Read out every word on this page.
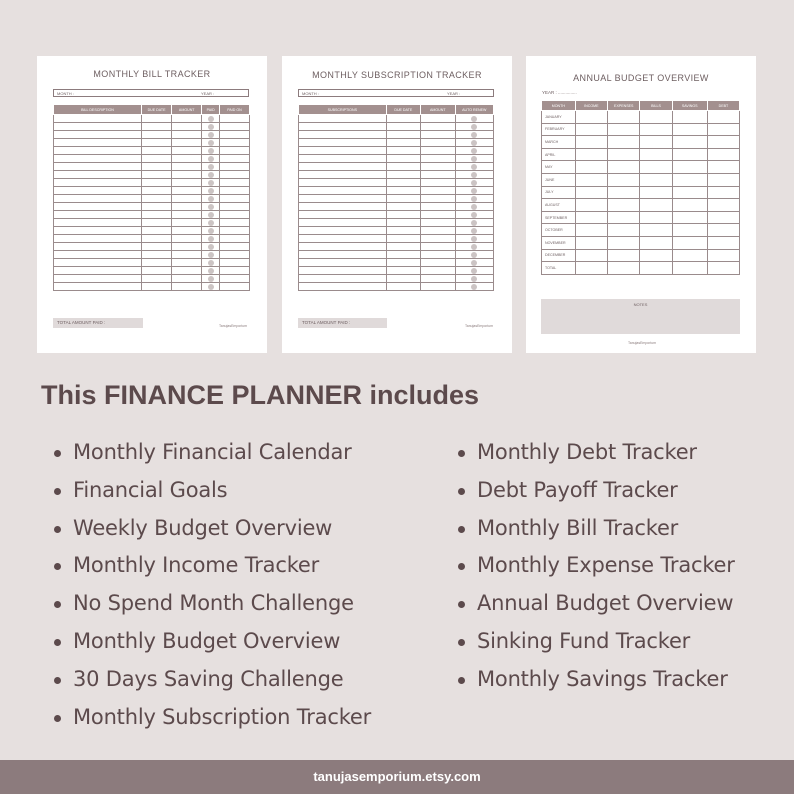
MONTHLY BILL TRACKER
MONTH :	YEAR :
BILL DESCRIPTION	DUE DATE	AMOUNT	PAID	PAID ON

TOTAL AMOUNT PAID :
TanujasEmporium
MONTHLY SUBSCRIPTION TRACKER
MONTH :	YEAR :
SUBSCRIPTIONS	DUE DATE	AMOUNT	AUTO RENEW

TOTAL AMOUNT PAID :
TanujasEmporium
ANNUAL BUDGET OVERVIEW
YEAR : ...............
MONTH	INCOME	EXPENSES	BILLS	SAVINGS	DEBT
JANUARY					
FEBRUARY					
MARCH					
APRIL					
MAY					
JUNE					
JULY					
AUGUST					
SEPTEMBER					
OCTOBER					
NOVEMBER					
DECEMBER					
TOTAL					
NOTES
TanujasEmporium
This FINANCE PLANNER includes
Monthly Financial Calendar
Financial Goals
Weekly Budget Overview
Monthly Income Tracker
No Spend Month Challenge
Monthly Budget Overview
30 Days Saving Challenge
Monthly Subscription Tracker
Monthly Debt Tracker
Debt Payoff Tracker
Monthly Bill Tracker
Monthly Expense Tracker
Annual Budget Overview
Sinking Fund Tracker
Monthly Savings Tracker
tanujasemporium.etsy.com
